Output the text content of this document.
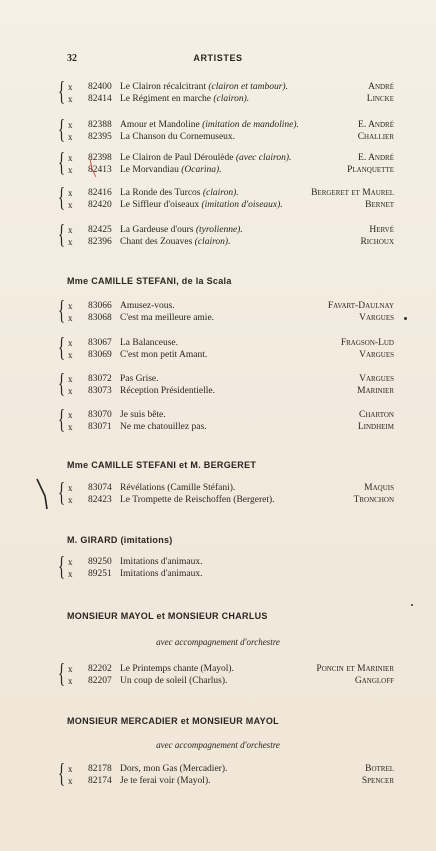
32	ARTISTES
Mme CAMILLE STEFANI, de la Scala
Mme CAMILLE STEFANI et M. BERGERET
M. GIRARD (imitations)
MONSIEUR MAYOL et MONSIEUR CHARLUS
avec accompagnement d'orchestre
MONSIEUR MERCADIER et MONSIEUR MAYOL
avec accompagnement d'orchestre
{ x 82400 Le Clairon récalcitrant (clairon et tambour).	André
x 82414 Le Régiment en marche (clairon).	Lincke
{ x 82388 Amour et Mandoline (imitation de mandoline).	E. André
x 82395 La Chanson du Cornemuseux.	Challier
{ x 82398 Le Clairon de Paul Déroulède (avec clairon).	E. André
x 82413 Le Morvandiau (Ocarina).	Planquette
{ x 82416 La Ronde des Turcos (clairon).	Bergeret et Maurel
x 82420 Le Siffleur d'oiseaux (imitation d'oiseaux).	Bernet
{ x 82425 La Gardeuse d'ours (tyrolienne).	Hervé
x 82396 Chant des Zouaves (clairon).	Richoux
{ x 83066 Amusez-vous.	Favart-Daulnay
x 83068 C'est ma meilleure amie.	Vargues
{ x 83067 La Balanceuse.	Fragson-Lud
x 83069 C'est mon petit Amant.	Vargues
{ x 83072 Pas Grise.	Vargues
x 83073 Réception Présidentielle.	Marinier
{ x 83070 Je suis bête.	Charton
x 83071 Ne me chatouillez pas.	Lindheim
{ x 83074 Révélations (Camille Stéfani).	Maquis
x 82423 Le Trompette de Reischoffen (Bergeret).	Tronchon
{ x 89250 Imitations d'animaux.
x 89251 Imitations d'animaux.
{ x 82202 Le Printemps chante (Mayol).	Poncin et Marinier
x 82207 Un coup de soleil (Charlus).	Gangloff
{ x 82178 Dors, mon Gas (Mercadier).	Botrel
x 82174 Je te ferai voir (Mayol).	Spencer
